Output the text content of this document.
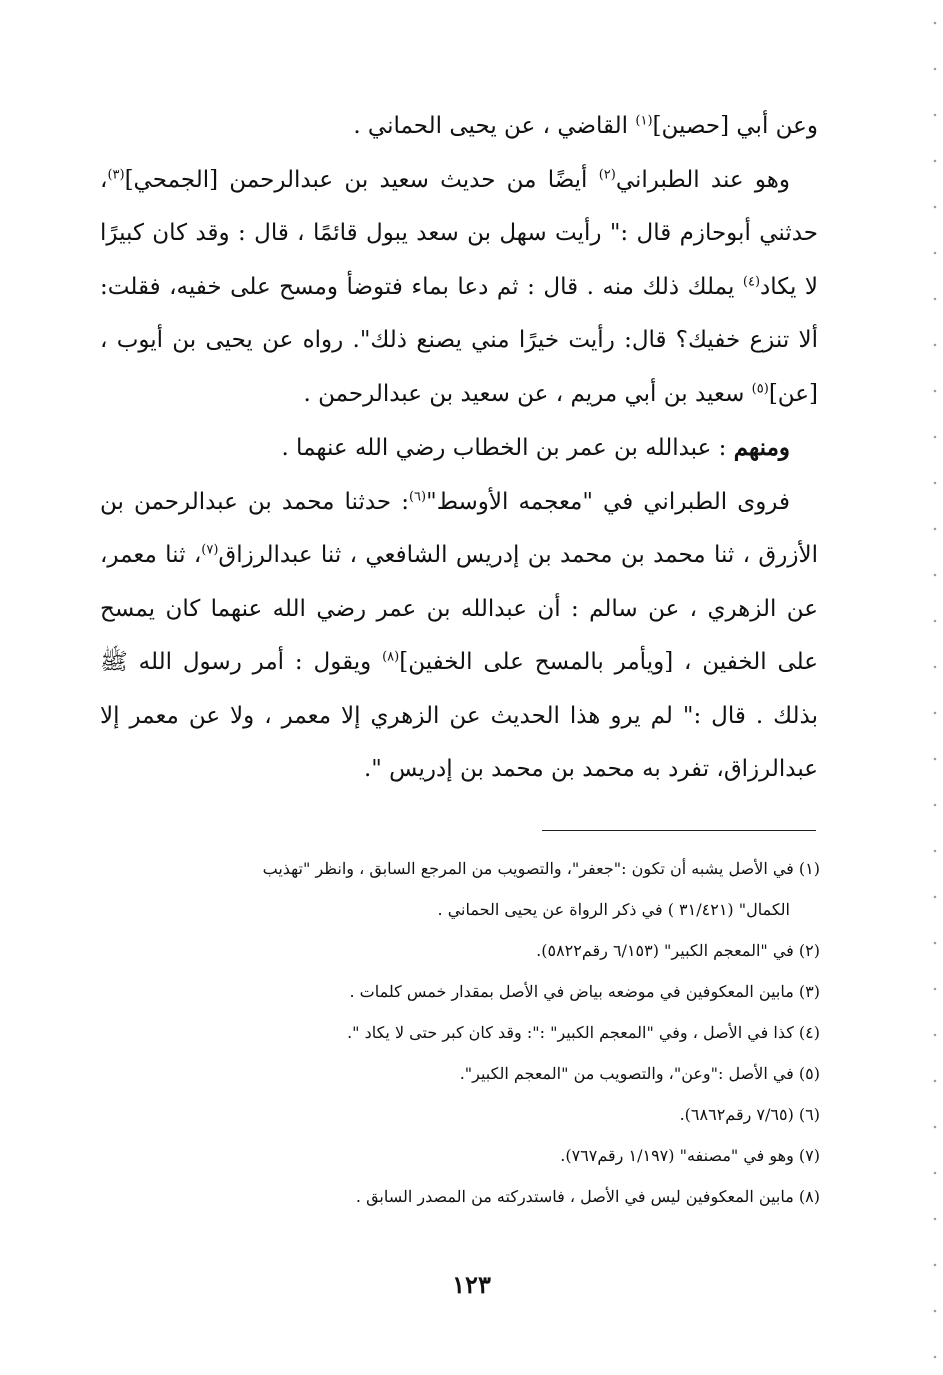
وعن أبي [حصين]$^{(١)}$ القاضي ، عن يحيى الحماني .

وهو عند الطبراني$^{(٢)}$ أيضًا من حديث سعيد بن عبدالرحمن [الجمحي]$^{(٣)}$، حدثني أبوحازم قال :" رأيت سهل بن سعد يبول قائمًا ، قال : وقد كان كبيرًا لا يكاد$^{(٤)}$ يملك ذلك منه . قال : ثم دعا بماء فتوضأ ومسح على خفيه، فقلت: ألا تنزع خفيك؟ قال: رأيت خيرًا مني يصنع ذلك". رواه عن يحيى بن أيوب ، [عن]$^{(٥)}$ سعيد بن أبي مريم ، عن سعيد بن عبدالرحمن .

ومنهم : عبدالله بن عمر بن الخطاب رضي الله عنهما .

فروى الطبراني في "معجمه الأوسط"$^{(٦)}$: حدثنا محمد بن عبدالرحمن بن الأزرق ، ثنا محمد بن محمد بن إدريس الشافعي ، ثنا عبدالرزاق$^{(٧)}$، ثنا معمر، عن الزهري ، عن سالم : أن عبدالله بن عمر رضي الله عنهما كان يمسح على الخفين ، [ويأمر بالمسح على الخفين]$^{(٨)}$ ويقول : أمر رسول الله ﷺ بذلك . قال :" لم يرو هذا الحديث عن الزهري إلا معمر ، ولا عن معمر إلا عبدالرزاق، تفرد به محمد بن محمد بن إدريس ".

(١) في الأصل يشبه أن تكون :"جعفر"، والتصويب من المرجع السابق ، وانظر "تهذيب

الكمال" (٣١/٤٢١ ) في ذكر الرواة عن يحيى الحماني .

(٢) في "المعجم الكبير" (٦/١٥٣ رقم٥٨٢٢).

(٣) مابين المعكوفين في موضعه بياض في الأصل بمقدار خمس كلمات .

(٤) كذا في الأصل ، وفي "المعجم الكبير" :": وقد كان كبر حتى لا يكاد ".

(٥) في الأصل :"وعن"، والتصويب من "المعجم الكبير".

(٦) (٧/٦٥ رقم٦٨٦٢).

(٧) وهو في "مصنفه" (١/١٩٧ رقم٧٦٧).

(٨) مابين المعكوفين ليس في الأصل ، فاستدركته من المصدر السابق .

١٢٣
